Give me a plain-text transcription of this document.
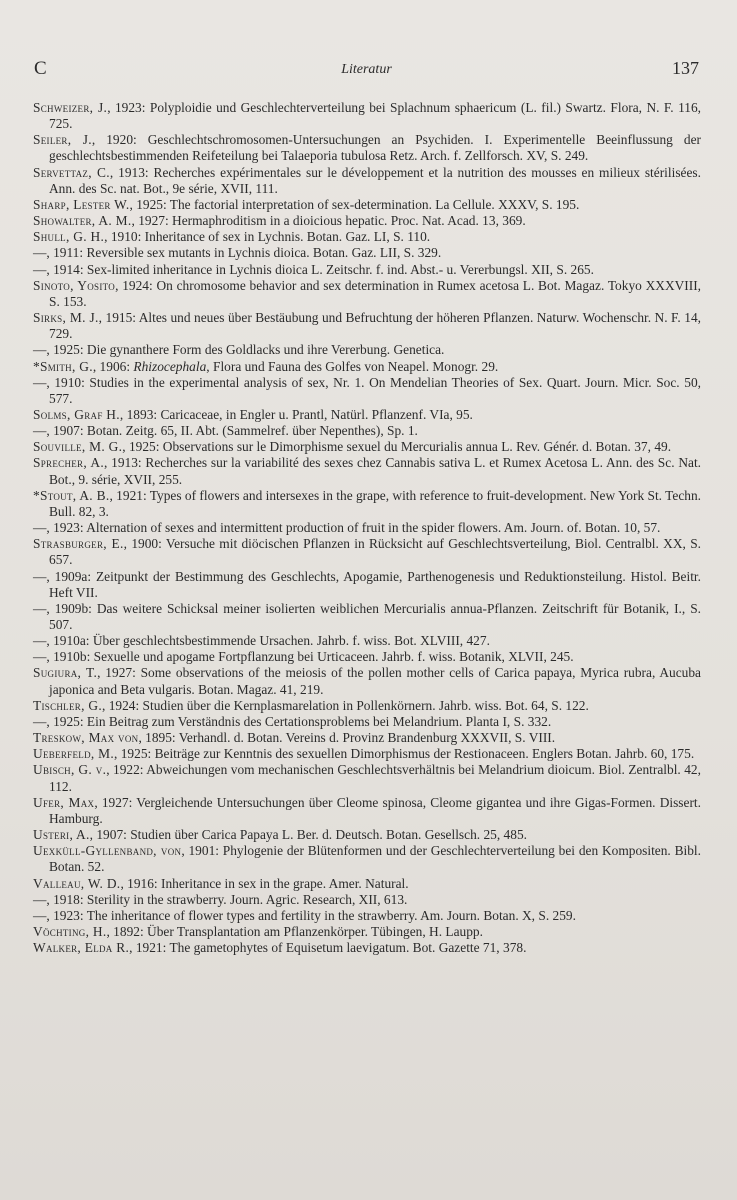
C	Literatur	137

Schweizer, J., 1923: Polyploidie und Geschlechterverteilung bei Splachnum sphaericum (L. fil.) Swartz. Flora, N. F. 116, 725.

Seiler, J., 1920: Geschlechtschromosomen-Untersuchungen an Psychiden. I. Experimentelle Beeinflussung der geschlechtsbestimmenden Reifeteilung bei Talaeporia tubulosa Retz. Arch. f. Zellforsch. XV, S. 249.

Servettaz, C., 1913: Recherches expérimentales sur le développement et la nutrition des mousses en milieux stérilisées. Ann. des Sc. nat. Bot., 9e série, XVII, 111.

Sharp, Lester W., 1925: The factorial interpretation of sex-determination. La Cellule. XXXV, S. 195.

Showalter, A. M., 1927: Hermaphroditism in a dioicious hepatic. Proc. Nat. Acad. 13, 369.

Shull, G. H., 1910: Inheritance of sex in Lychnis. Botan. Gaz. LI, S. 110.

—, 1911: Reversible sex mutants in Lychnis dioica. Botan. Gaz. LII, S. 329.

—, 1914: Sex-limited inheritance in Lychnis dioica L. Zeitschr. f. ind. Abst.- u. Vererbungsl. XII, S. 265.

Sinoto, Yosito, 1924: On chromosome behavior and sex determination in Rumex acetosa L. Bot. Magaz. Tokyo XXXVIII, S. 153.

Sirks, M. J., 1915: Altes und neues über Bestäubung und Befruchtung der höheren Pflanzen. Naturw. Wochenschr. N. F. 14, 729.

—, 1925: Die gynanthere Form des Goldlacks und ihre Vererbung. Genetica.

*Smith, G., 1906: Rhizocephala, Flora und Fauna des Golfes von Neapel. Monogr. 29.

—, 1910: Studies in the experimental analysis of sex, Nr. 1. On Mendelian Theories of Sex. Quart. Journ. Micr. Soc. 50, 577.

Solms, Graf H., 1893: Caricaceae, in Engler u. Prantl, Natürl. Pflanzenf. VIa, 95.

—, 1907: Botan. Zeitg. 65, II. Abt. (Sammelref. über Nepenthes), Sp. 1.

Souville, M. G., 1925: Observations sur le Dimorphisme sexuel du Mercurialis annua L. Rev. Génér. d. Botan. 37, 49.

Sprecher, A., 1913: Recherches sur la variabilité des sexes chez Cannabis sativa L. et Rumex Acetosa L. Ann. des Sc. Nat. Bot., 9. série, XVII, 255.

*Stout, A. B., 1921: Types of flowers and intersexes in the grape, with reference to fruit-development. New York St. Techn. Bull. 82, 3.

—, 1923: Alternation of sexes and intermittent production of fruit in the spider flowers. Am. Journ. of. Botan. 10, 57.

Strasburger, E., 1900: Versuche mit diöcischen Pflanzen in Rücksicht auf Geschlechtsverteilung, Biol. Centralbl. XX, S. 657.

—, 1909a: Zeitpunkt der Bestimmung des Geschlechts, Apogamie, Parthenogenesis und Reduktionsteilung. Histol. Beitr. Heft VII.

—, 1909b: Das weitere Schicksal meiner isolierten weiblichen Mercurialis annua-Pflanzen. Zeitschrift für Botanik, I., S. 507.

—, 1910a: Über geschlechtsbestimmende Ursachen. Jahrb. f. wiss. Bot. XLVIII, 427.

—, 1910b: Sexuelle und apogame Fortpflanzung bei Urticaceen. Jahrb. f. wiss. Botanik, XLVII, 245.

Sugiura, T., 1927: Some observations of the meiosis of the pollen mother cells of Carica papaya, Myrica rubra, Aucuba japonica and Beta vulgaris. Botan. Magaz. 41, 219.

Tischler, G., 1924: Studien über die Kernplasmarelation in Pollenkörnern. Jahrb. wiss. Bot. 64, S. 122.

—, 1925: Ein Beitrag zum Verständnis des Certationsproblems bei Melandrium. Planta I, S. 332.

Treskow, Max von, 1895: Verhandl. d. Botan. Vereins d. Provinz Brandenburg XXXVII, S. VIII.

Ueberfeld, M., 1925: Beiträge zur Kenntnis des sexuellen Dimorphismus der Restionaceen. Englers Botan. Jahrb. 60, 175.

Ubisch, G. v., 1922: Abweichungen vom mechanischen Geschlechtsverhältnis bei Melandrium dioicum. Biol. Zentralbl. 42, 112.

Ufer, Max, 1927: Vergleichende Untersuchungen über Cleome spinosa, Cleome gigantea und ihre Gigas-Formen. Dissert. Hamburg.

Usteri, A., 1907: Studien über Carica Papaya L. Ber. d. Deutsch. Botan. Gesellsch. 25, 485.

Uexküll-Gyllenband, von, 1901: Phylogenie der Blütenformen und der Geschlechterverteilung bei den Kompositen. Bibl. Botan. 52.

Valleau, W. D., 1916: Inheritance in sex in the grape. Amer. Natural.

—, 1918: Sterility in the strawberry. Journ. Agric. Research, XII, 613.

—, 1923: The inheritance of flower types and fertility in the strawberry. Am. Journ. Botan. X, S. 259.

Vöchting, H., 1892: Über Transplantation am Pflanzenkörper. Tübingen, H. Laupp.

Walker, Elda R., 1921: The gametophytes of Equisetum laevigatum. Bot. Gazette 71, 378.
